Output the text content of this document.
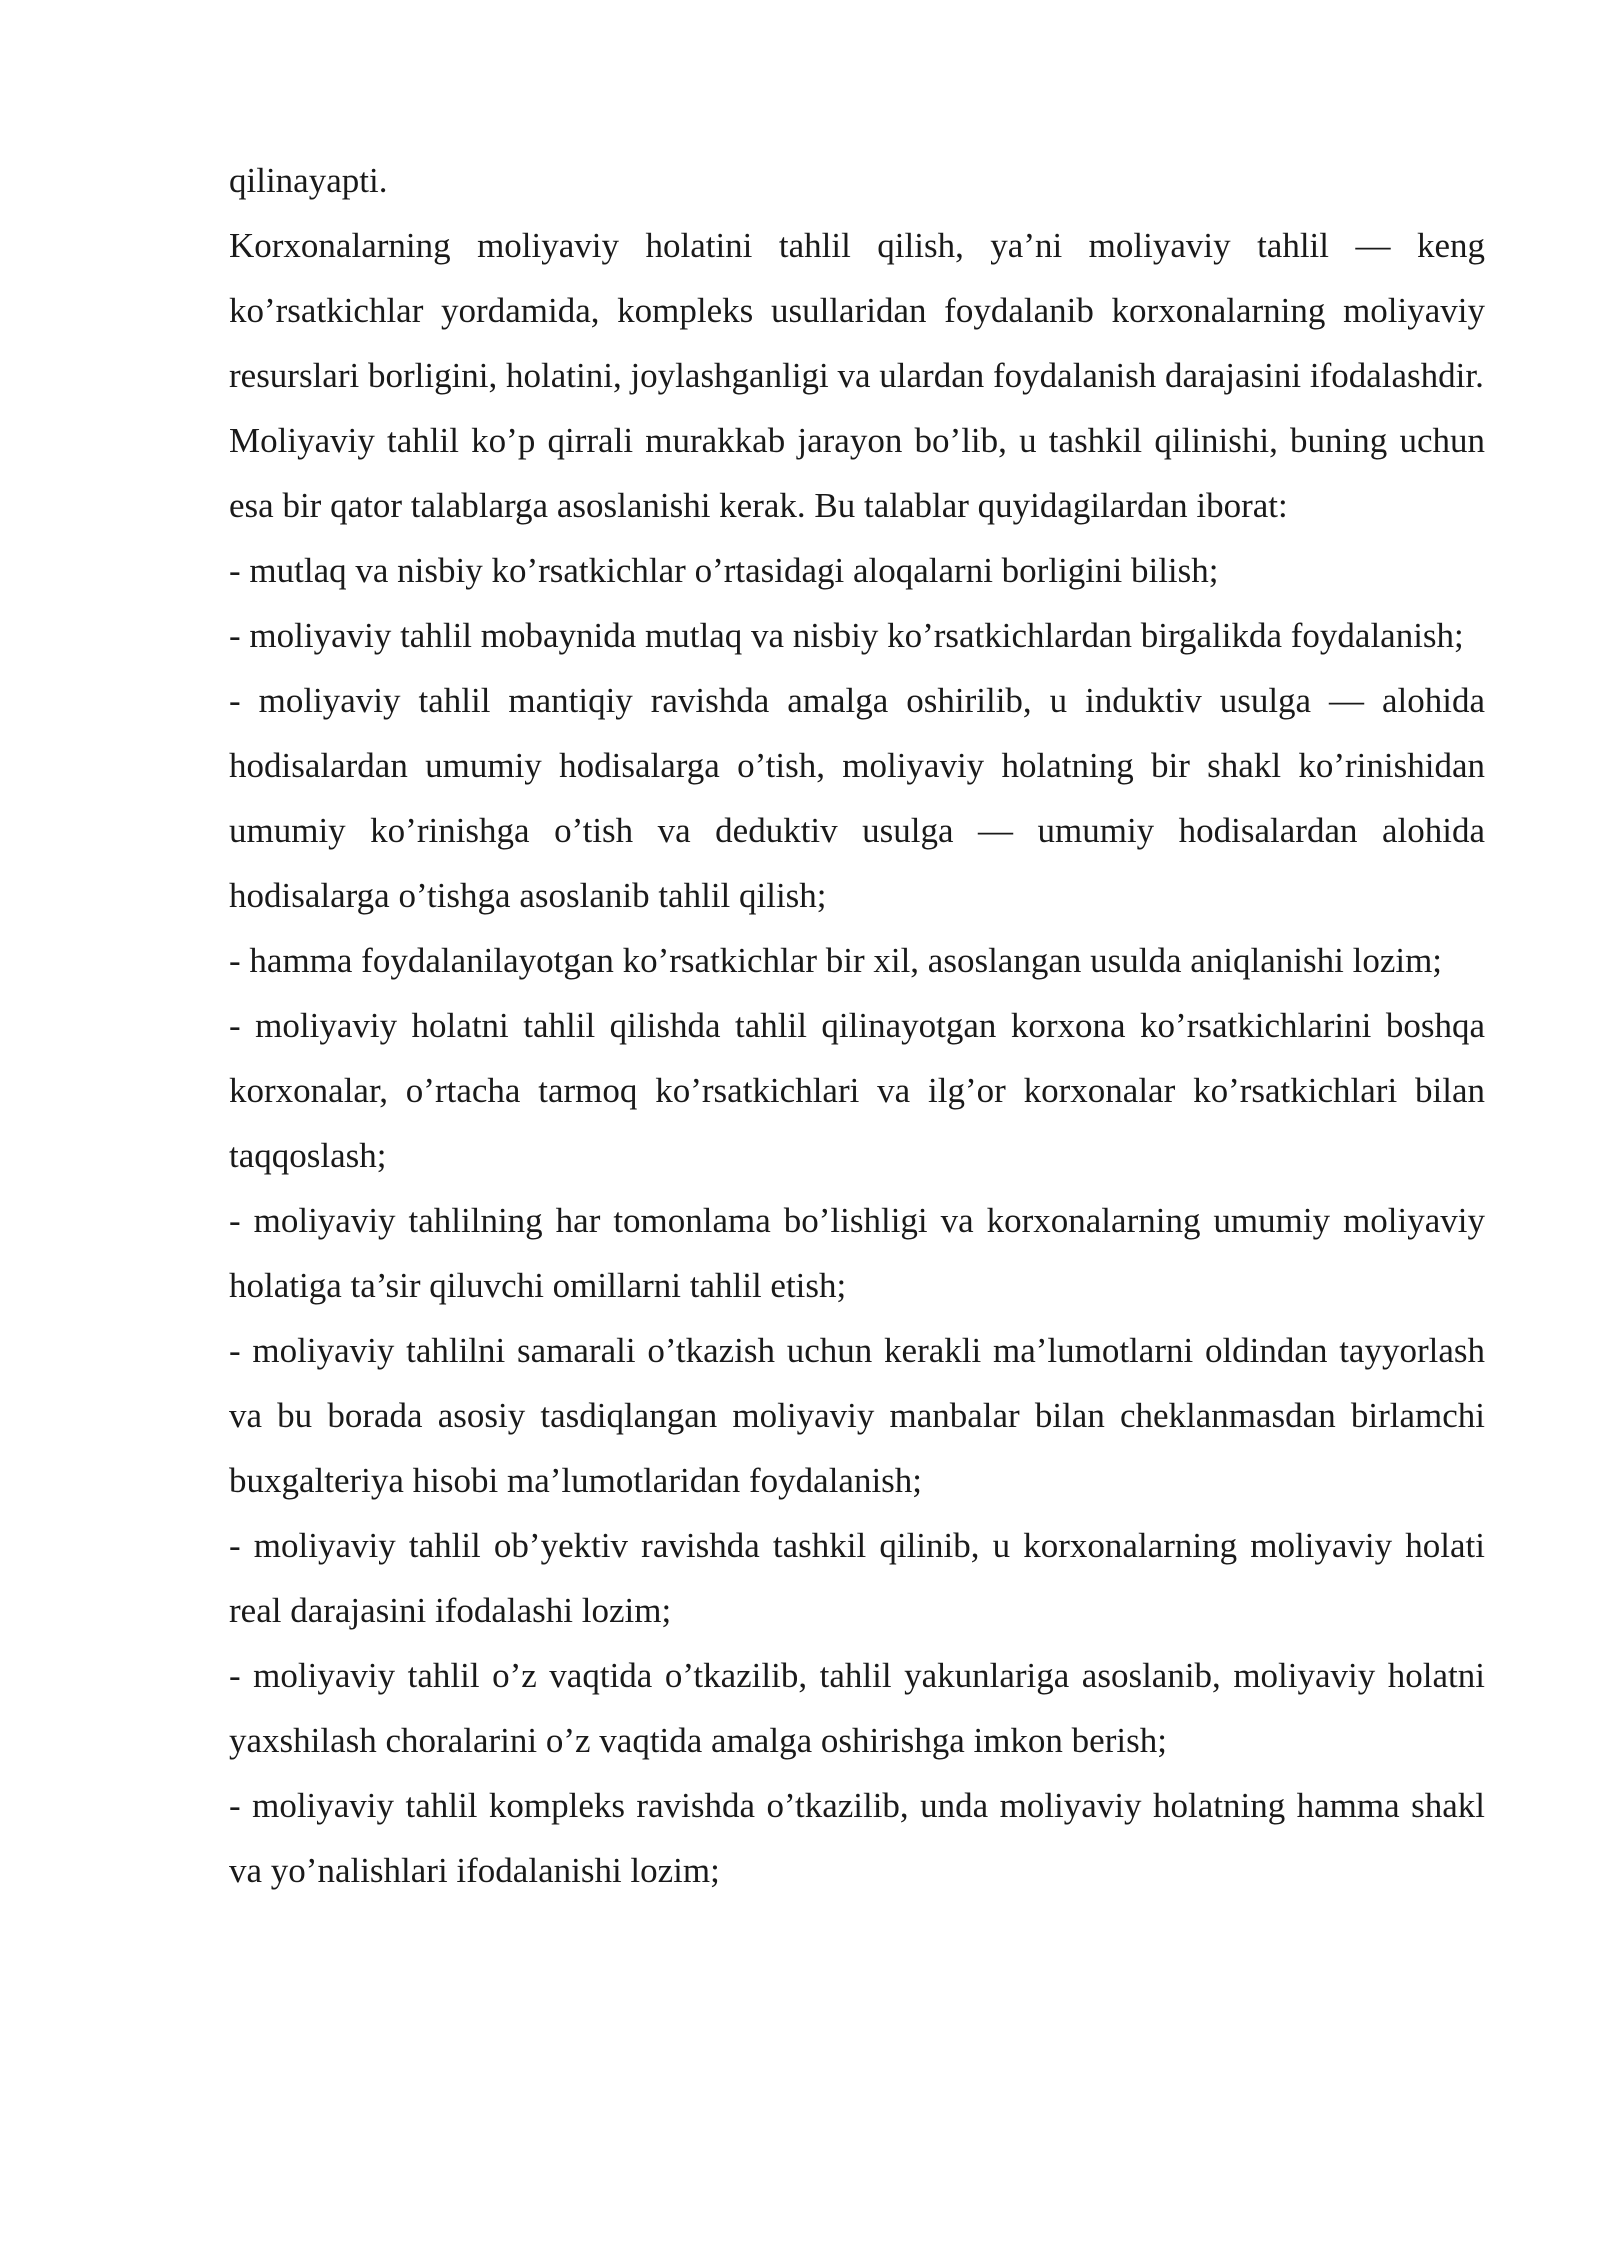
qilinayapti.

Korxonalarning moliyaviy holatini tahlil qilish, ya’ni moliyaviy tahlil — keng ko’rsatkichlar yordamida, kompleks usullaridan foydalanib korxonalarning moliyaviy resurslari borligini, holatini, joylashganligi va ulardan foydalanish darajasini ifodalashdir.

Moliyaviy tahlil ko’p qirrali murakkab jarayon bo’lib, u tashkil qilinishi, buning uchun esa bir qator talablarga asoslanishi kerak. Bu talablar quyidagilardan iborat:

- mutlaq va nisbiy ko’rsatkichlar o’rtasidagi aloqalarni borligini bilish;

- moliyaviy tahlil mobaynida mutlaq va nisbiy ko’rsatkichlardan birgalikda foydalanish;

- moliyaviy tahlil mantiqiy ravishda amalga oshirilib, u induktiv usulga — alohida hodisalardan umumiy hodisalarga o’tish, moliyaviy holatning bir shakl ko’rinishidan umumiy ko’rinishga o’tish va deduktiv usulga — umumiy hodisalardan alohida hodisalarga o’tishga asoslanib tahlil qilish;

- hamma foydalanilayotgan ko’rsatkichlar bir xil, asoslangan usulda aniqlanishi lozim;

- moliyaviy holatni tahlil qilishda tahlil qilinayotgan korxona ko’rsatkichlarini boshqa korxonalar, o’rtacha tarmoq ko’rsatkichlari va ilg’or korxonalar ko’rsatkichlari bilan taqqoslash;

- moliyaviy tahlilning har tomonlama bo’lishligi va korxonalarning umumiy moliyaviy holatiga ta’sir qiluvchi omillarni tahlil etish;

- moliyaviy tahlilni samarali o’tkazish uchun kerakli ma’lumotlarni oldindan tayyorlash va bu borada asosiy tasdiqlangan moliyaviy manbalar bilan cheklanmasdan birlamchi buxgalteriya hisobi ma’lumotlaridan foydalanish;

- moliyaviy tahlil ob’yektiv ravishda tashkil qilinib, u korxonalarning moliyaviy holati real darajasini ifodalashi lozim;

- moliyaviy tahlil o’z vaqtida o’tkazilib, tahlil yakunlariga asoslanib, moliyaviy holatni yaxshilash choralarini o’z vaqtida amalga oshirishga imkon berish;

- moliyaviy tahlil kompleks ravishda o’tkazilib, unda moliyaviy holatning hamma shakl va yo’nalishlari ifodalanishi lozim;
